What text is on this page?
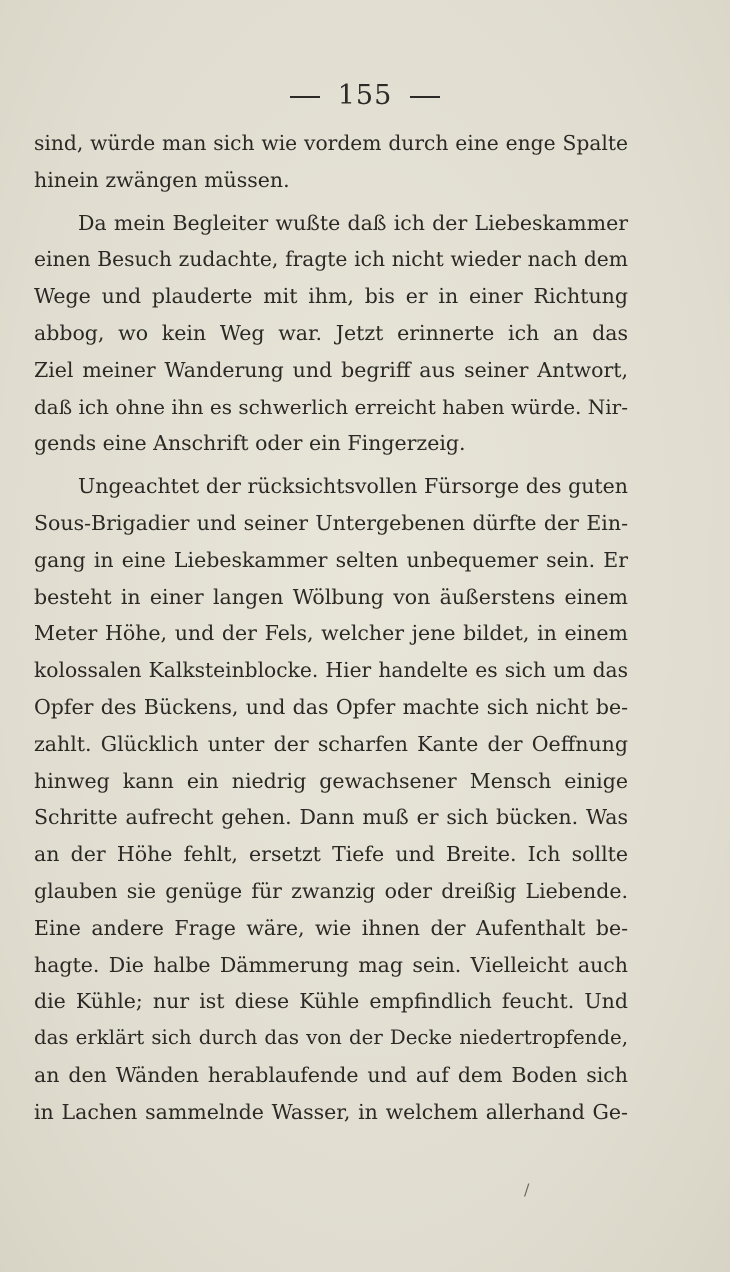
155
sind, würde man sich wie vordem durch eine enge Spalte
hinein zwängen müssen.
Da mein Begleiter wußte daß ich der Liebeskammer
einen Besuch zudachte, fragte ich nicht wieder nach dem
Wege und plauderte mit ihm, bis er in einer Richtung
abbog, wo kein Weg war. Jetzt erinnerte ich an das
Ziel meiner Wanderung und begriff aus seiner Antwort,
daß ich ohne ihn es schwerlich erreicht haben würde. Nir-
gends eine Anschrift oder ein Fingerzeig.
Ungeachtet der rücksichtsvollen Fürsorge des guten
Sous-Brigadier und seiner Untergebenen dürfte der Ein-
gang in eine Liebeskammer selten unbequemer sein. Er
besteht in einer langen Wölbung von äußerstens einem
Meter Höhe, und der Fels, welcher jene bildet, in einem
kolossalen Kalksteinblocke. Hier handelte es sich um das
Opfer des Bückens, und das Opfer machte sich nicht be-
zahlt. Glücklich unter der scharfen Kante der Oeffnung
hinweg kann ein niedrig gewachsener Mensch einige
Schritte aufrecht gehen. Dann muß er sich bücken. Was
an der Höhe fehlt, ersetzt Tiefe und Breite. Ich sollte
glauben sie genüge für zwanzig oder dreißig Liebende.
Eine andere Frage wäre, wie ihnen der Aufenthalt be-
hagte. Die halbe Dämmerung mag sein. Vielleicht auch
die Kühle; nur ist diese Kühle empfindlich feucht. Und
das erklärt sich durch das von der Decke niedertropfende,
an den Wänden herablaufende und auf dem Boden sich
in Lachen sammelnde Wasser, in welchem allerhand Ge-
/
